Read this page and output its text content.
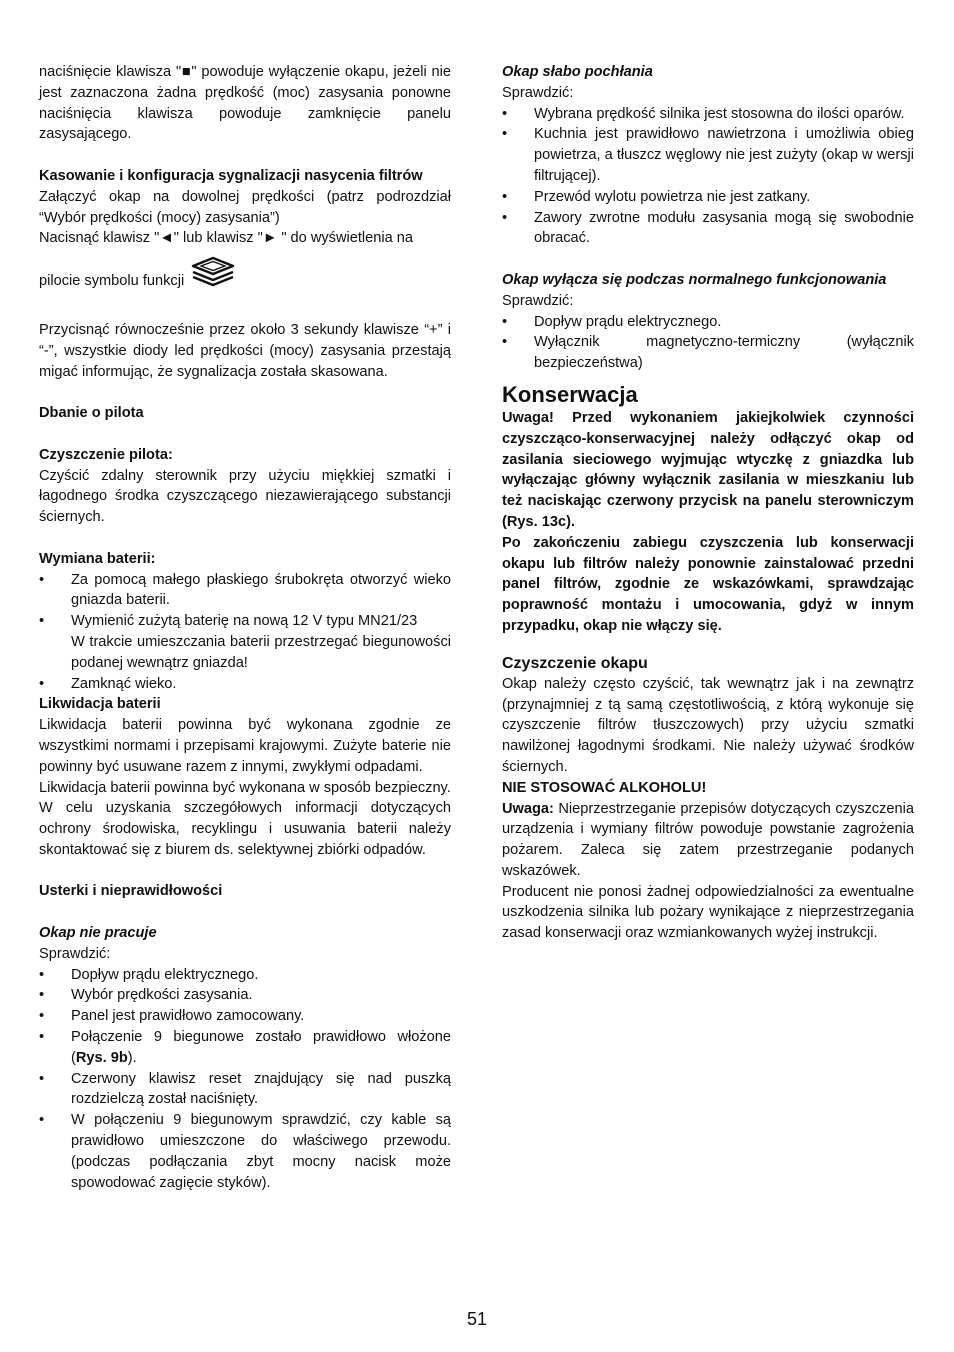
naciśnięcie klawisza "■" powoduje wyłączenie okapu, jeżeli nie jest zaznaczona żadna prędkość (moc) zasysania ponowne naciśnięcia klawisza powoduje zamknięcie panelu zasysającego.

Kasowanie i konfiguracja sygnalizacji nasycenia filtrów

Załączyć okap na dowolnej prędkości (patrz podrozdział “Wybór prędkości (mocy) zasysania”)

Nacisnąć klawisz "◄" lub klawisz "► " do wyświetlenia na

pilocie symbolu funkcji

Przycisnąć równocześnie przez około 3 sekundy klawisze “+” i “-”, wszystkie diody led prędkości (mocy) zasysania przestają migać informując, że sygnalizacja została skasowana.

Dbanie o pilota

Czyszczenie pilota:

Czyścić zdalny sterownik przy użyciu miękkiej szmatki i łagodnego środka czyszczącego niezawierającego substancji ściernych.

Wymiana baterii:

•	Za pomocą małego płaskiego śrubokręta otworzyć wieko gniazda baterii.
•	Wymienić zużytą baterię na nową 12 V typu MN21/23
W trakcie umieszczania baterii przestrzegać biegunowości podanej wewnątrz gniazda!
•	Zamknąć wieko.

Likwidacja baterii

Likwidacja baterii powinna być wykonana zgodnie ze wszystkimi normami i przepisami krajowymi. Zużyte baterie nie powinny być usuwane razem z innymi, zwykłymi odpadami.

Likwidacja baterii powinna być wykonana w sposób bezpieczny.

W celu uzyskania szczegółowych informacji dotyczących ochrony środowiska, recyklingu i usuwania baterii należy skontaktować się z biurem ds. selektywnej zbiórki odpadów.

Usterki i nieprawidłowości

Okap nie pracuje

Sprawdzić:

•	Dopływ prądu elektrycznego.
•	Wybór prędkości zasysania.
•	Panel jest prawidłowo zamocowany.
•	Połączenie 9 biegunowe zostało prawidłowo włożone (Rys. 9b).
•	Czerwony klawisz reset znajdujący się nad puszką rozdzielczą został naciśnięty.
•	W połączeniu 9 biegunowym sprawdzić, czy kable są prawidłowo umieszczone do właściwego przewodu. (podczas podłączania zbyt mocny nacisk może spowodować zagięcie styków).

Okap słabo pochłania

Sprawdzić:

•	Wybrana prędkość silnika jest stosowna do ilości oparów.
•	Kuchnia jest prawidłowo nawietrzona i umożliwia obieg powietrza, a tłuszcz węglowy nie jest zużyty (okap w wersji filtrującej).
•	Przewód wylotu powietrza nie jest zatkany.
•	Zawory zwrotne modułu zasysania mogą się swobodnie obracać.

Okap wyłącza się podczas normalnego funkcjonowania

Sprawdzić:

•	Dopływ prądu elektrycznego.
•	Wyłącznik magnetyczno-termiczny (wyłącznik bezpieczeństwa)
Konserwacja

Uwaga! Przed wykonaniem jakiejkolwiek czynności czyszcząco-konserwacyjnej należy odłączyć okap od zasilania sieciowego wyjmując wtyczkę z gniazdka lub wyłączając główny wyłącznik zasilania w mieszkaniu lub też naciskając czerwony przycisk na panelu sterowniczym (Rys. 13c).

Po zakończeniu zabiegu czyszczenia lub konserwacji okapu lub filtrów należy ponownie zainstalować przedni panel filtrów, zgodnie ze wskazówkami, sprawdzając poprawność montażu i umocowania, gdyż w innym przypadku, okap nie włączy się.

Czyszczenie okapu

Okap należy często czyścić, tak wewnątrz jak i na zewnątrz (przynajmniej z tą samą częstotliwością, z którą wykonuje się czyszczenie filtrów tłuszczowych) przy użyciu szmatki nawilżonej łagodnymi środkami. Nie należy używać środków ściernych.

NIE STOSOWAĆ ALKOHOLU!

Uwaga: Nieprzestrzeganie przepisów dotyczących czyszczenia urządzenia i wymiany filtrów powoduje powstanie zagrożenia pożarem. Zaleca się zatem przestrzeganie podanych wskazówek.

Producent nie ponosi żadnej odpowiedzialności za ewentualne uszkodzenia silnika lub pożary wynikające z nieprzestrzegania zasad konserwacji oraz wzmiankowanych wyżej instrukcji.

51
